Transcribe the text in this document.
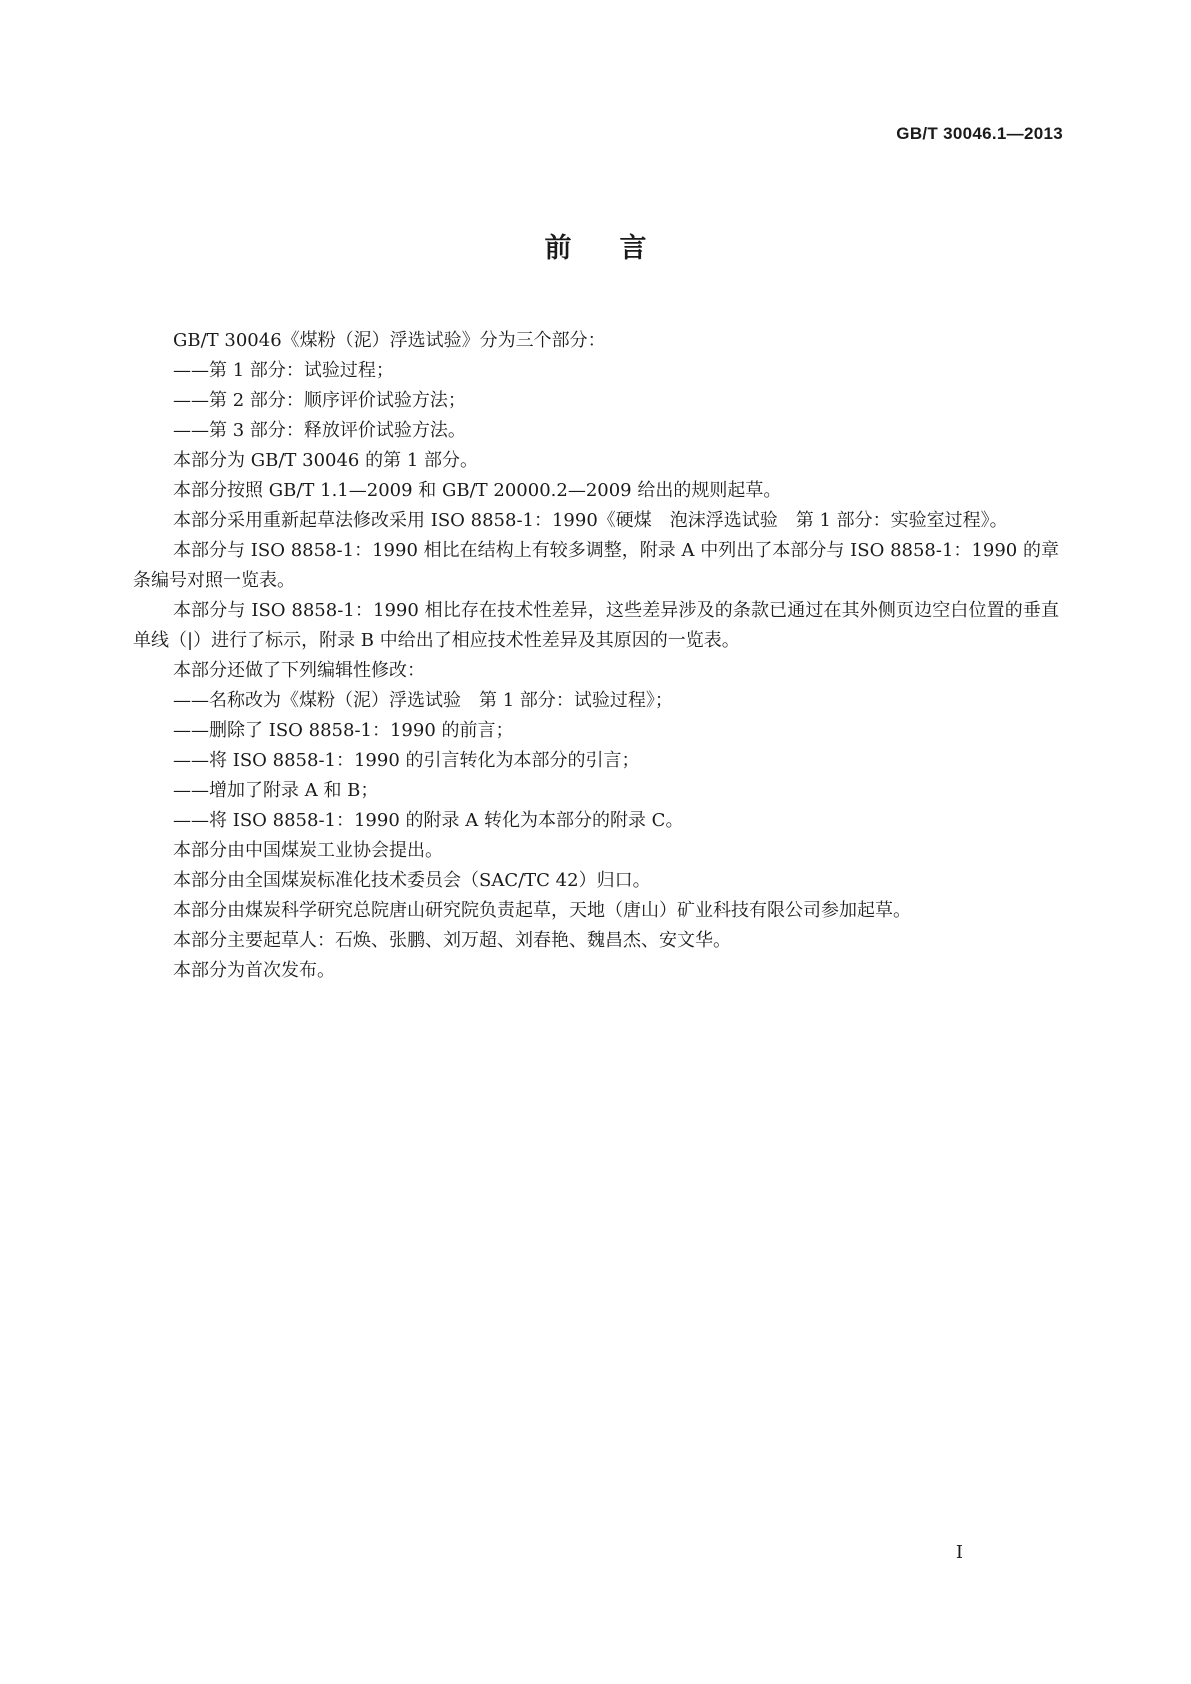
GB/T 30046.1—2013
前言

GB/T 30046《煤粉（泥）浮选试验》分为三个部分：

——第 1 部分：试验过程；

——第 2 部分：顺序评价试验方法；

——第 3 部分：释放评价试验方法。

本部分为 GB/T 30046 的第 1 部分。

本部分按照 GB/T 1.1—2009 和 GB/T 20000.2—2009 给出的规则起草。

本部分采用重新起草法修改采用 ISO 8858-1：1990《硬煤　泡沫浮选试验　第 1 部分：实验室过程》。

本部分与 ISO 8858-1：1990 相比在结构上有较多调整，附录 A 中列出了本部分与 ISO 8858-1：1990 的章条编号对照一览表。

本部分与 ISO 8858-1：1990 相比存在技术性差异，这些差异涉及的条款已通过在其外侧页边空白位置的垂直单线（|）进行了标示，附录 B 中给出了相应技术性差异及其原因的一览表。

本部分还做了下列编辑性修改：

——名称改为《煤粉（泥）浮选试验　第 1 部分：试验过程》；

——删除了 ISO 8858-1：1990 的前言；

——将 ISO 8858-1：1990 的引言转化为本部分的引言；

——增加了附录 A 和 B；

——将 ISO 8858-1：1990 的附录 A 转化为本部分的附录 C。

本部分由中国煤炭工业协会提出。

本部分由全国煤炭标准化技术委员会（SAC/TC 42）归口。

本部分由煤炭科学研究总院唐山研究院负责起草，天地（唐山）矿业科技有限公司参加起草。

本部分主要起草人：石焕、张鹏、刘万超、刘春艳、魏昌杰、安文华。

本部分为首次发布。

I
